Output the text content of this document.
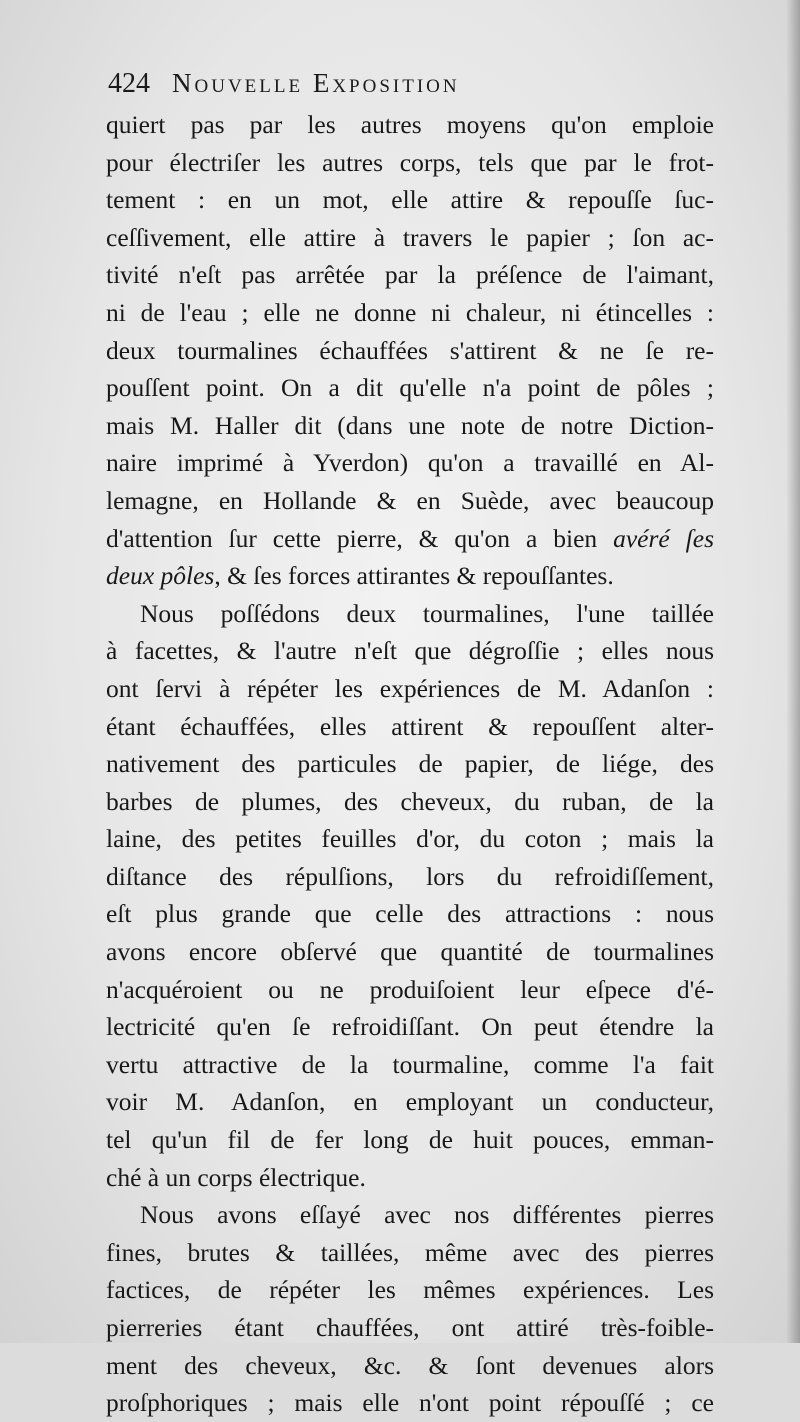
424 Nouvelle Exposition
quiert pas par les autres moyens qu'on emploie
pour électriſer les autres corps, tels que par le frot-
tement : en un mot, elle attire & repouſſe ſuc-
ceſſivement, elle attire à travers le papier ; ſon ac-
tivité n'eſt pas arrêtée par la préſence de l'aimant,
ni de l'eau ; elle ne donne ni chaleur, ni étincelles :
deux tourmalines échauffées s'attirent & ne ſe re-
pouſſent point. On a dit qu'elle n'a point de pôles ;
mais M. Haller dit (dans une note de notre Diction-
naire imprimé à Yverdon) qu'on a travaillé en Al-
lemagne, en Hollande & en Suède, avec beaucoup
d'attention ſur cette pierre, & qu'on a bien avéré ſes
deux pôles, & ſes forces attirantes & repouſſantes.
Nous poſſédons deux tourmalines, l'une taillée
à facettes, & l'autre n'eſt que dégroſſie ; elles nous
ont ſervi à répéter les expériences de M. Adanſon :
étant échauffées, elles attirent & repouſſent alter-
nativement des particules de papier, de liége, des
barbes de plumes, des cheveux, du ruban, de la
laine, des petites feuilles d'or, du coton ; mais la
diſtance des répulſions, lors du refroidiſſement,
eſt plus grande que celle des attractions : nous
avons encore obſervé que quantité de tourmalines
n'acquéroient ou ne produiſoient leur eſpece d'é-
lectricité qu'en ſe refroidiſſant. On peut étendre la
vertu attractive de la tourmaline, comme l'a fait
voir M. Adanſon, en employant un conducteur,
tel qu'un fil de fer long de huit pouces, emman-
ché à un corps électrique.
Nous avons eſſayé avec nos différentes pierres
fines, brutes & taillées, même avec des pierres
factices, de répéter les mêmes expériences. Les
pierreries étant chauffées, ont attiré très-foible-
ment des cheveux, &c. & ſont devenues alors
proſphoriques ; mais elle n'ont point répouſſé ; ce
